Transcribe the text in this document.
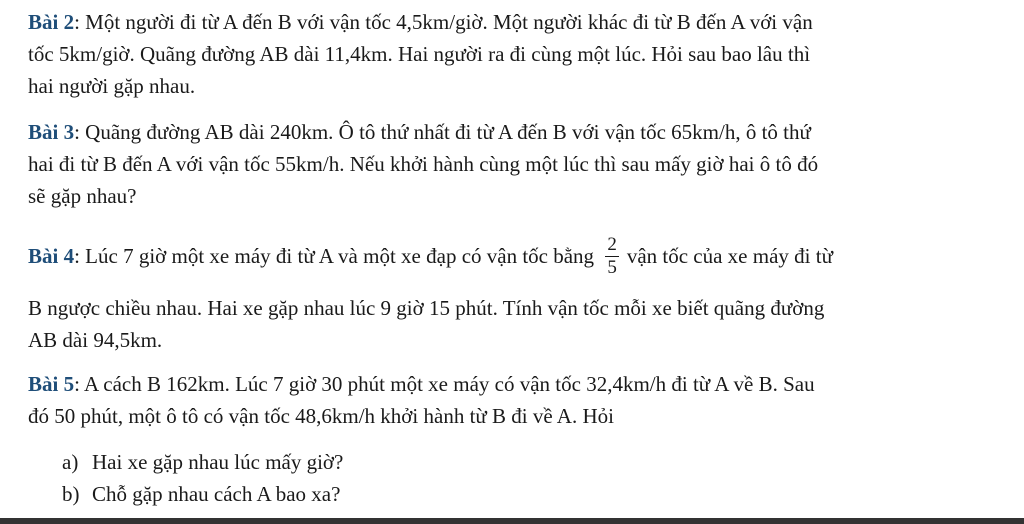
Bài 2: Một người đi từ A đến B với vận tốc 4,5km/giờ. Một người khác đi từ B đến A với vận
tốc 5km/giờ. Quãng đường AB dài 11,4km. Hai người ra đi cùng một lúc. Hỏi sau bao lâu thì
hai người gặp nhau.

Bài 3: Quãng đường AB dài 240km. Ô tô thứ nhất đi từ A đến B với vận tốc 65km/h, ô tô thứ
hai đi từ B đến A với vận tốc 55km/h. Nếu khởi hành cùng một lúc thì sau mấy giờ hai ô tô đó
sẽ gặp nhau?

Bài 4: Lúc 7 giờ một xe máy đi từ A và một xe đạp có vận tốc bằng $\frac{2}{5}$ vận tốc của xe máy đi từ

B ngược chiều nhau. Hai xe gặp nhau lúc 9 giờ 15 phút. Tính vận tốc mỗi xe biết quãng đường
AB dài 94,5km.

Bài 5: A cách B 162km. Lúc 7 giờ 30 phút một xe máy có vận tốc 32,4km/h đi từ A về B. Sau
đó 50 phút, một ô tô có vận tốc 48,6km/h khởi hành từ B đi về A. Hỏi

a) Hai xe gặp nhau lúc mấy giờ?
b) Chỗ gặp nhau cách A bao xa?
